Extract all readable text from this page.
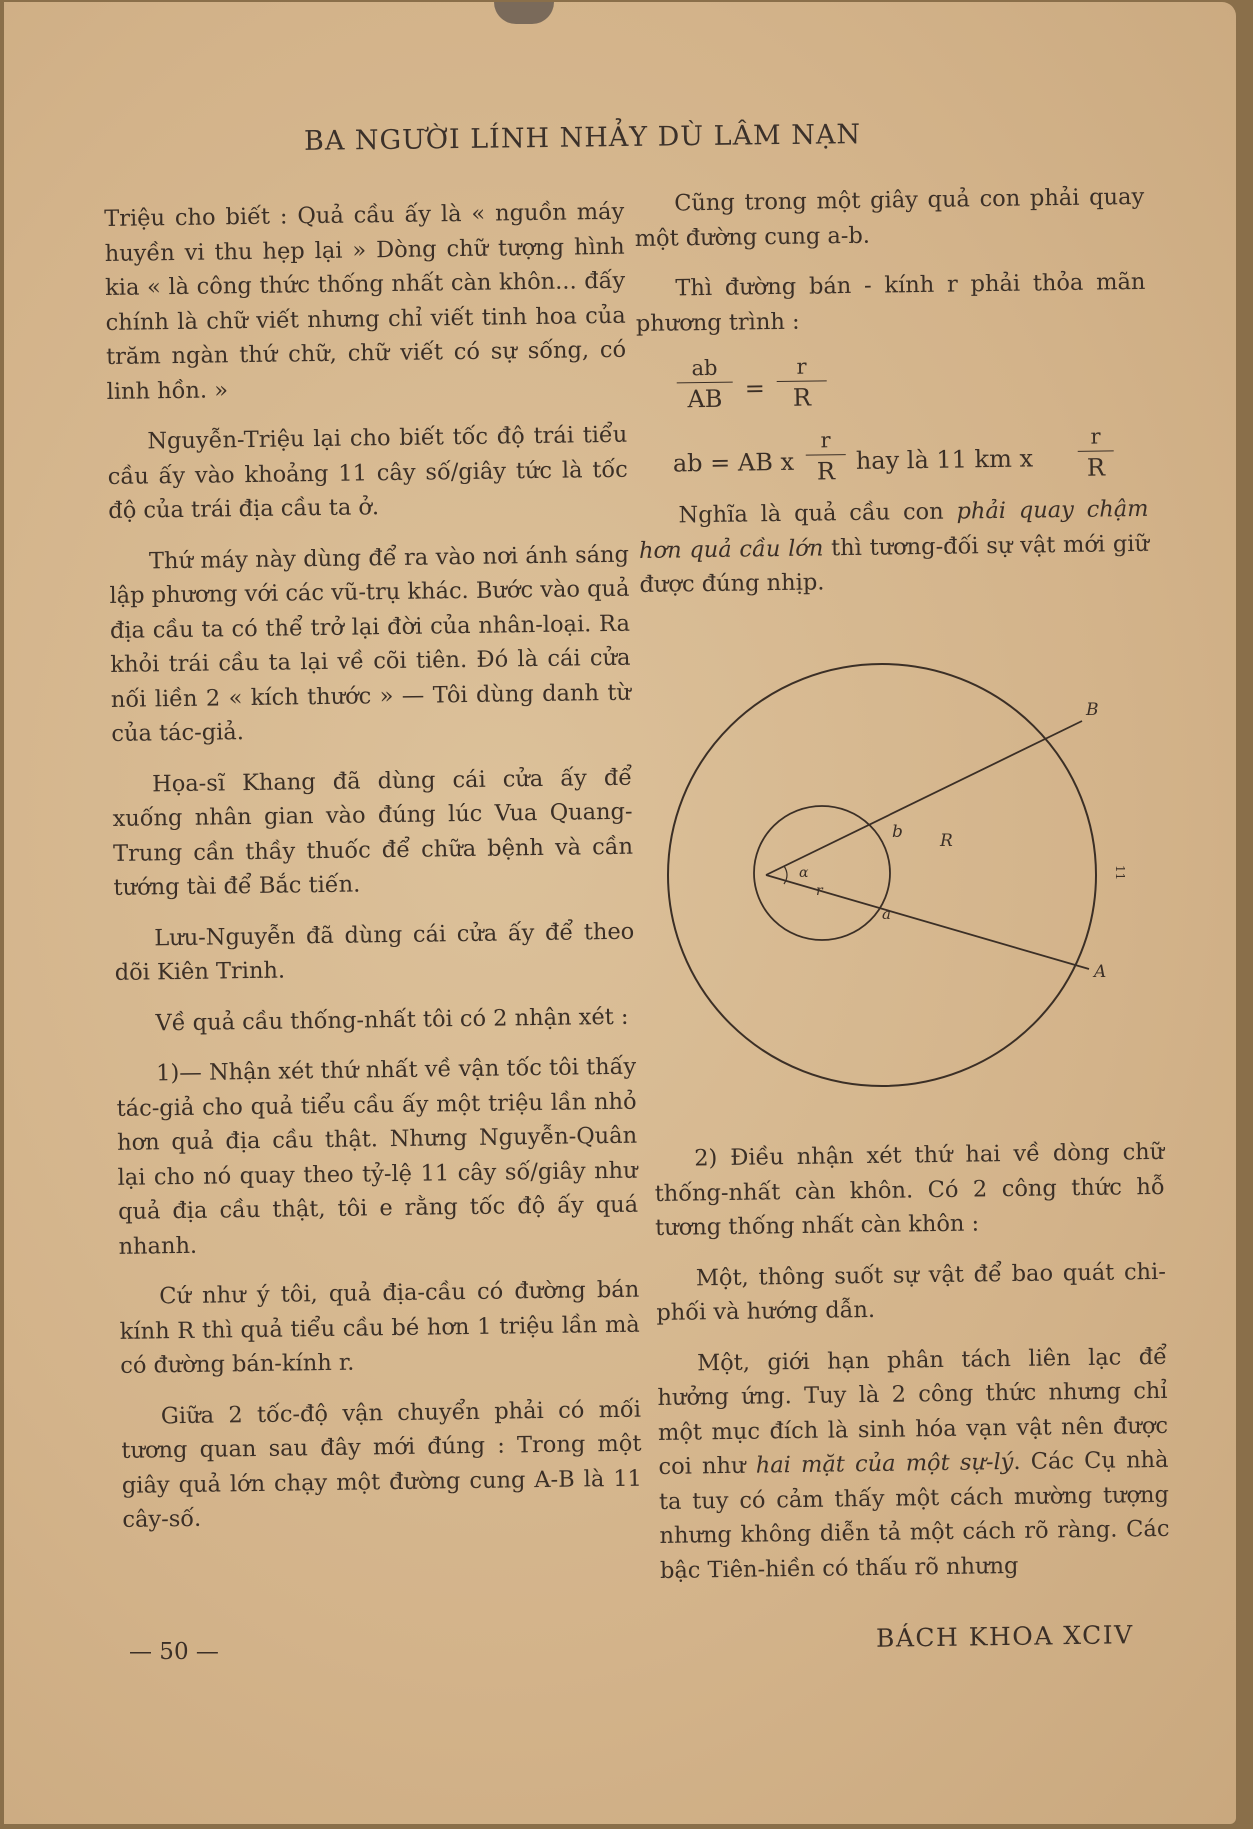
BA NGƯỜI LÍNH NHẢY DÙ LÂM NẠN

Triệu cho biết : Quả cầu ấy là « nguồn máy huyền vi thu hẹp lại » Dòng chữ tượng hình kia « là công thức thống nhất càn khôn... đấy chính là chữ viết nhưng chỉ viết tinh hoa của trăm ngàn thứ chữ, chữ viết có sự sống, có linh hồn. »

Nguyễn-Triệu lại cho biết tốc độ trái tiểu cầu ấy vào khoảng 11 cây số/giây tức là tốc độ của trái địa cầu ta ở.

Thứ máy này dùng để ra vào nơi ánh sáng lập phương với các vũ-trụ khác. Bước vào quả địa cầu ta có thể trở lại đời của nhân-loại. Ra khỏi trái cầu ta lại về cõi tiên. Đó là cái cửa nối liền 2 « kích thước » — Tôi dùng danh từ của tác-giả.

Họa-sĩ Khang đã dùng cái cửa ấy để xuống nhân gian vào đúng lúc Vua Quang-Trung cần thầy thuốc để chữa bệnh và cần tướng tài để Bắc tiến.

Lưu-Nguyễn đã dùng cái cửa ấy để theo dõi Kiên Trinh.

Về quả cầu thống-nhất tôi có 2 nhận xét :

1)— Nhận xét thứ nhất về vận tốc tôi thấy tác-giả cho quả tiểu cầu ấy một triệu lần nhỏ hơn quả địa cầu thật. Nhưng Nguyễn-Quân lại cho nó quay theo tỷ-lệ 11 cây số/giây như quả địa cầu thật, tôi e rằng tốc độ ấy quá nhanh.

Cứ như ý tôi, quả địa-cầu có đường bán kính R thì quả tiểu cầu bé hơn 1 triệu lần mà có đường bán-kính r.

Giữa 2 tốc-độ vận chuyển phải có mối tương quan sau đây mới đúng : Trong một giây quả lớn chạy một đường cung A-B là 11 cây-số.

Cũng trong một giây quả con phải quay một đường cung a-b.

Thì đường bán - kính r phải thỏa mãn phương trình :

ab
AB =
r
R
ab = AB x
r
R hay là 11 km x
r
R

Nghĩa là quả cầu con phải quay chậm hơn quả cầu lớn thì tương-đối sự vật mới giữ được đúng nhịp.

B
A
R
b
a
α
r
11

2) Điều nhận xét thứ hai về dòng chữ thống-nhất càn khôn. Có 2 công thức hỗ tương thống nhất càn khôn :

Một, thông suốt sự vật để bao quát chi-phối và hướng dẫn.

Một, giới hạn phân tách liên lạc để hưởng ứng. Tuy là 2 công thức nhưng chỉ một mục đích là sinh hóa vạn vật nên được coi như hai mặt của một sự-lý. Các Cụ nhà ta tuy có cảm thấy một cách mường tượng nhưng không diễn tả một cách rõ ràng. Các bậc Tiên-hiền có thấu rõ nhưng

— 50 —	BÁCH KHOA XCIV
